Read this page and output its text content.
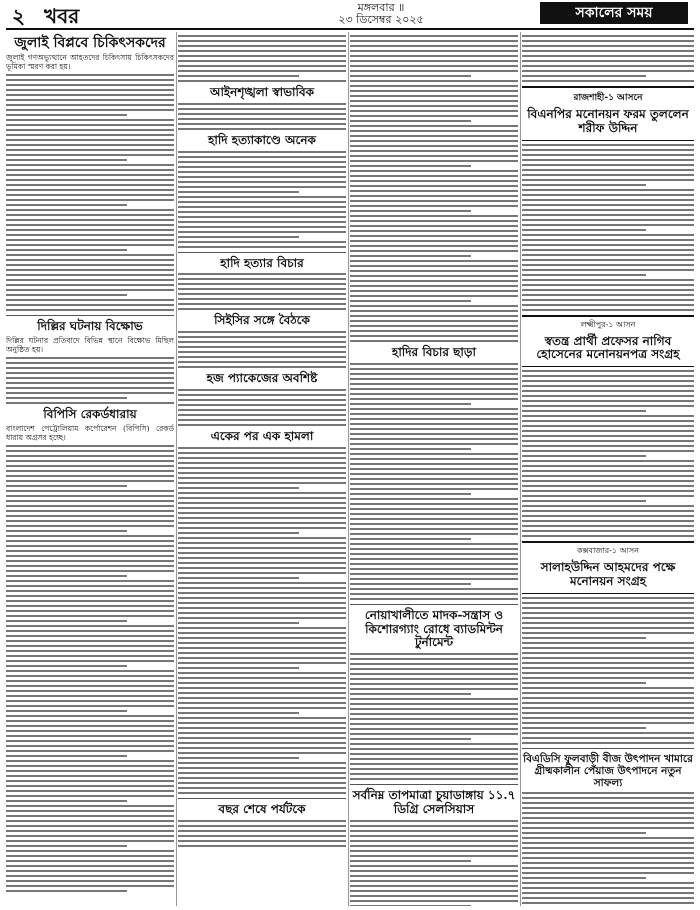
২ খবর	মঙ্গলবার ॥
২৩ ডিসেম্বর ২০২৫	সকালের সময়
জুলাই বিপ্লবে চিকিৎসকদের
জুলাই গণঅভ্যুত্থানে আহতদের চিকিৎসায় চিকিৎসকদের ভূমিকা স্মরণ করা হয়।
দিল্লির ঘটনায় বিক্ষোভ
দিল্লির ঘটনার প্রতিবাদে বিভিন্ন স্থানে বিক্ষোভ মিছিল অনুষ্ঠিত হয়।
বিপিসি রেকর্ডধারায়
বাংলাদেশ পেট্রোলিয়াম কর্পোরেশন (বিপিসি) রেকর্ড ধারায় অগ্রসর হচ্ছে।
আইনশৃঙ্খলা স্বাভাবিক
হাদি হত্যাকাণ্ডে অনেক
হাদি হত্যার বিচার
সিইসির সঙ্গে বৈঠকে
হজ প্যাকেজের অবশিষ্ট
একের পর এক হামলা
বছর শেষে পর্যটকে
হাদির বিচার ছাড়া
নোয়াখালীতে মাদক-সন্ত্রাস ও কিশোরগ্যাং রোধে ব্যাডমিন্টন টুর্নামেন্ট
সর্বনিম্ন তাপমাত্রা চুয়াডাঙ্গায় ১১.৭ ডিগ্রি সেলসিয়াস
রাজশাহী-১ আসনে
বিএনপির মনোনয়ন ফরম তুললেন শরীফ উদ্দিন
লক্ষ্মীপুর-১ আসন
স্বতন্ত্র প্রার্থী প্রফেসর নাগিব হোসেনের মনোনয়নপত্র সংগ্রহ
কক্সবাজার-১ আসন
সালাহউদ্দিন আহমদের পক্ষে মনোনয়ন সংগ্রহ
বিএডিসি ফুলবাড়ী বীজ উৎপাদন খামারে গ্রীষ্মকালীন পেঁয়াজ উৎপাদনে নতুন সাফল্য
